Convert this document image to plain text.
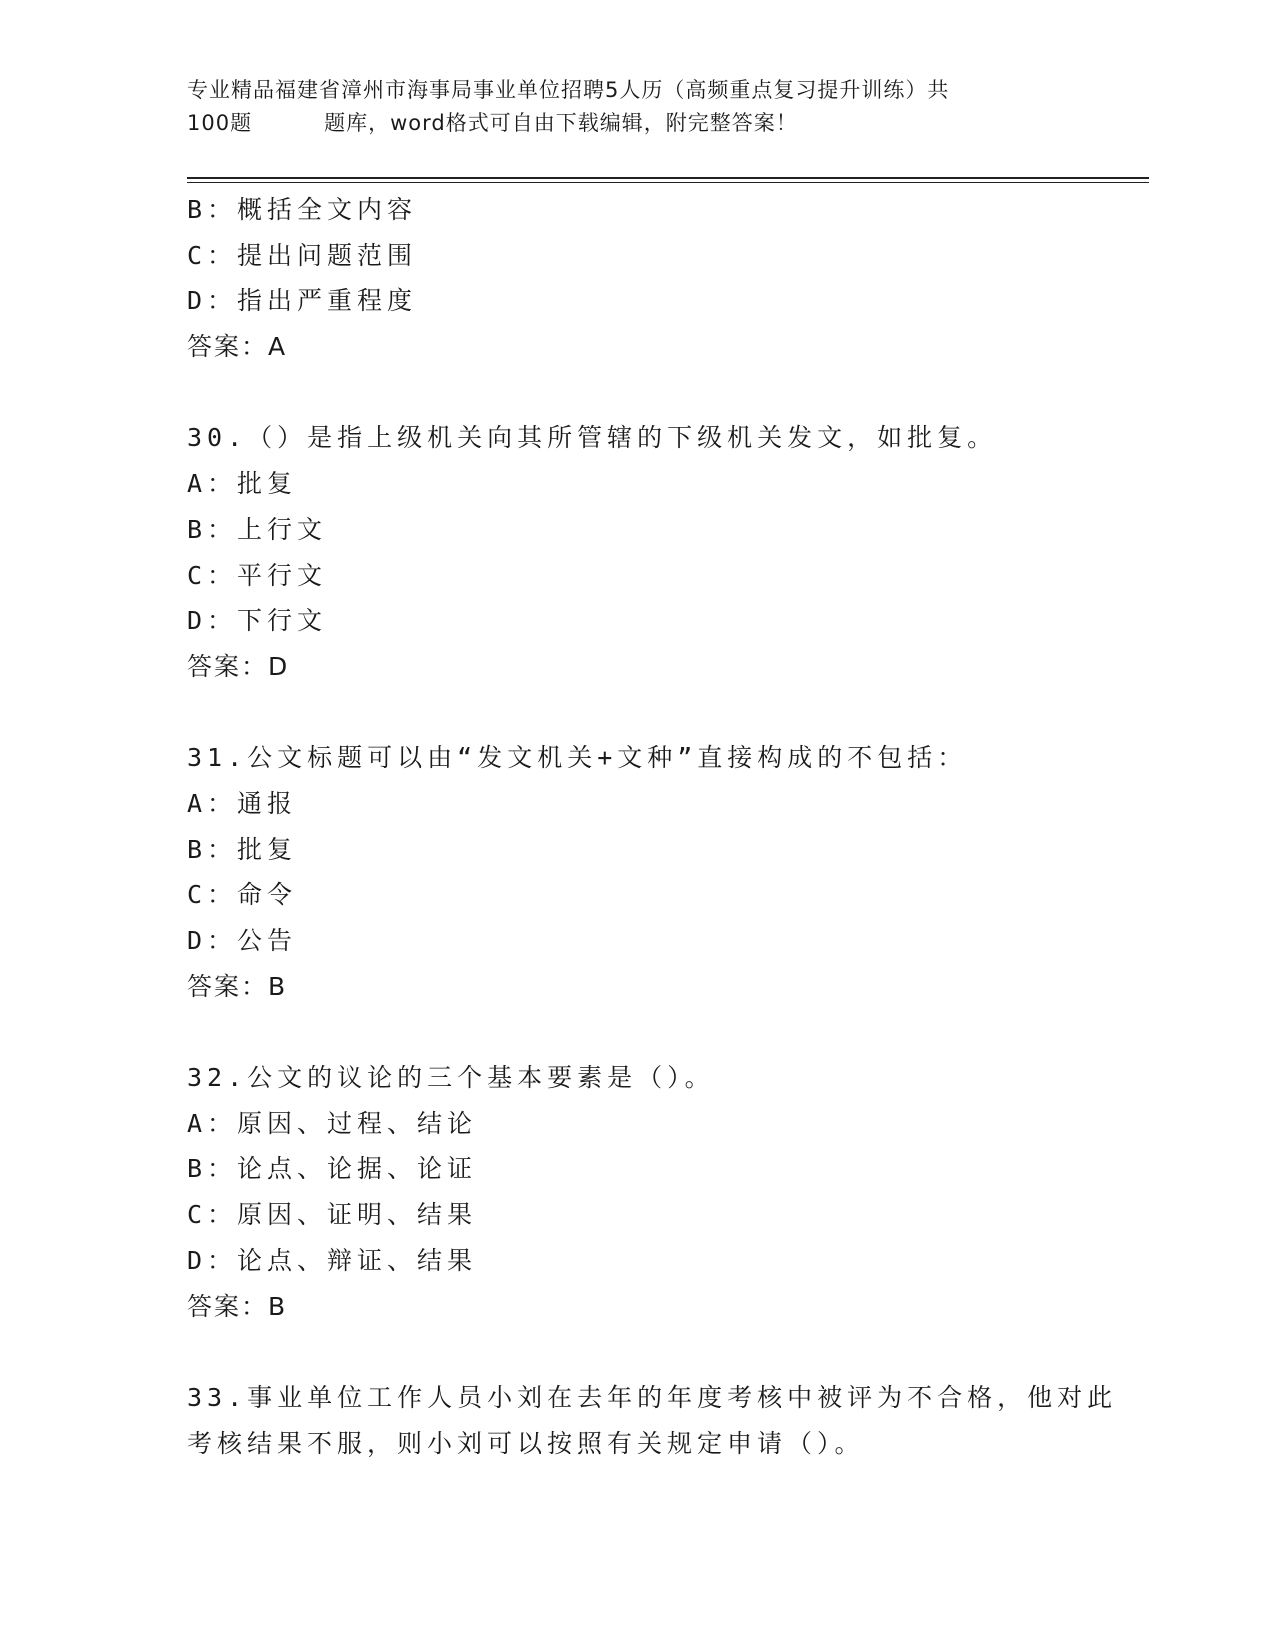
专业精品福建省漳州市海事局事业单位招聘5人历（高频重点复习提升训练）共
100题	题库，word格式可自由下载编辑，附完整答案！
B：概括全文内容
C：提出问题范围
D：指出严重程度
答案：A
30.（）是指上级机关向其所管辖的下级机关发文，如批复。
A：批复
B：上行文
C：平行文
D：下行文
答案：D
31.公文标题可以由“发文机关+文种”直接构成的不包括：
A：通报
B：批复
C：命令
D：公告
答案：B
32.公文的议论的三个基本要素是（）。
A：原因、过程、结论
B：论点、论据、论证
C：原因、证明、结果
D：论点、辩证、结果
答案：B
33.事业单位工作人员小刘在去年的年度考核中被评为不合格，他对此
考核结果不服，则小刘可以按照有关规定申请（）。
